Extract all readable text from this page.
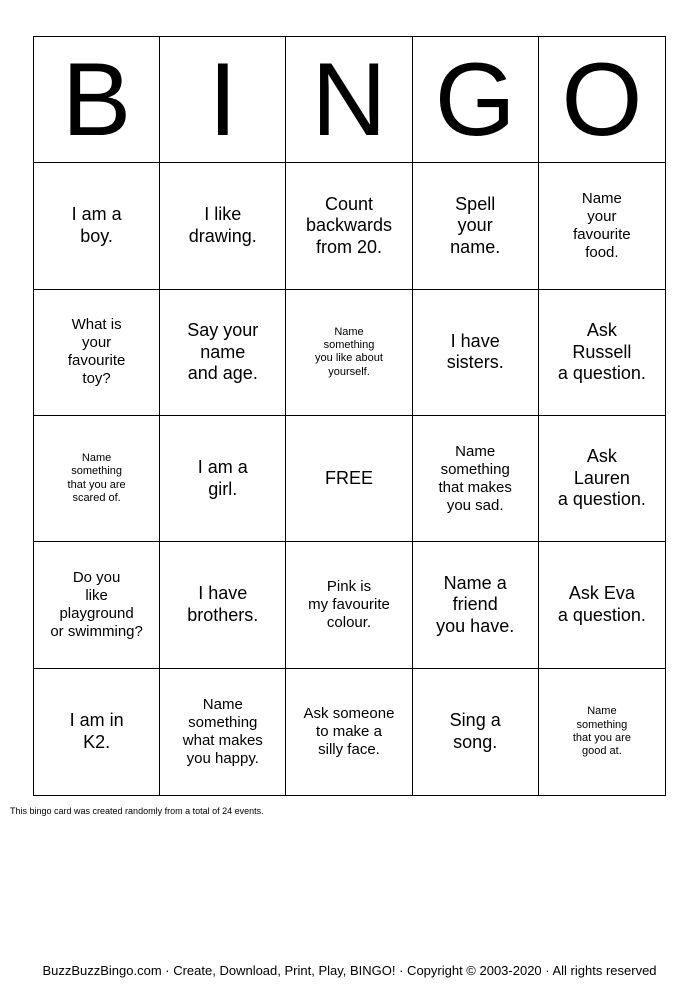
B I N G O
I am a
boy.
I like
drawing.
Count
backwards
from 20.
Spell
your
name.
Name
your
favourite
food.
What is
your
favourite
toy?
Say your
name
and age.
Name
something
you like about
yourself.
I have
sisters.
Ask
Russell
a question.
Name
something
that you are
scared of.
I am a
girl.
FREE
Name
something
that makes
you sad.
Ask
Lauren
a question.
Do you
like
playground
or swimming?
I have
brothers.
Pink is
my favourite
colour.
Name a
friend
you have.
Ask Eva
a question.
I am in
K2.
Name
something
what makes
you happy.
Ask someone
to make a
silly face.
Sing a
song.
Name
something
that you are
good at.
This bingo card was created randomly from a total of 24 events.
BuzzBuzzBingo.com · Create, Download, Print, Play, BINGO! · Copyright © 2003-2020 · All rights reserved
